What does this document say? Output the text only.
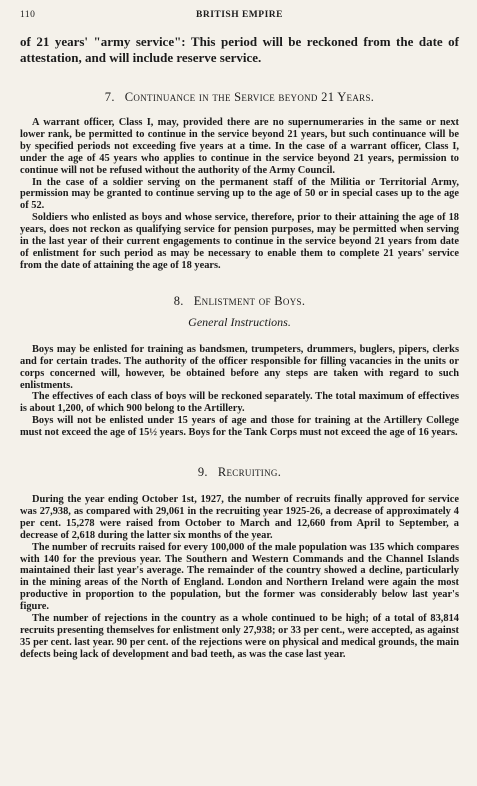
110	BRITISH EMPIRE

of 21 years' "army service": This period will be reckoned from the date of attestation, and will include reserve service.

7. Continuance in the Service beyond 21 Years.

A warrant officer, Class I, may, provided there are no supernumeraries in the same or next lower rank, be permitted to continue in the service beyond 21 years, but such continuance will be by specified periods not exceeding five years at a time. In the case of a warrant officer, Class I, under the age of 45 years who applies to continue in the service beyond 21 years, permission to continue will not be refused without the authority of the Army Council.

In the case of a soldier serving on the permanent staff of the Militia or Territorial Army, permission may be granted to continue serving up to the age of 50 or in special cases up to the age of 52.

Soldiers who enlisted as boys and whose service, therefore, prior to their attaining the age of 18 years, does not reckon as qualifying service for pension purposes, may be permitted when serving in the last year of their current engagements to continue in the service beyond 21 years from date of enlistment for such period as may be necessary to enable them to complete 21 years' service from the date of attaining the age of 18 years.

8. Enlistment of Boys.
General Instructions.

Boys may be enlisted for training as bandsmen, trumpeters, drummers, buglers, pipers, clerks and for certain trades. The authority of the officer responsible for filling vacancies in the units or corps concerned will, however, be obtained before any steps are taken with regard to such enlistments.

The effectives of each class of boys will be reckoned separately. The total maximum of effectives is about 1,200, of which 900 belong to the Artillery.

Boys will not be enlisted under 15 years of age and those for training at the Artillery College must not exceed the age of 15½ years. Boys for the Tank Corps must not exceed the age of 16 years.

9. Recruiting.

During the year ending October 1st, 1927, the number of recruits finally approved for service was 27,938, as compared with 29,061 in the recruiting year 1925-26, a decrease of approximately 4 per cent. 15,278 were raised from October to March and 12,660 from April to September, a decrease of 2,618 during the latter six months of the year.

The number of recruits raised for every 100,000 of the male population was 135 which compares with 140 for the previous year. The Southern and Western Commands and the Channel Islands maintained their last year's average. The remainder of the country showed a decline, particularly in the mining areas of the North of England. London and Northern Ireland were again the most productive in proportion to the population, but the former was considerably below last year's figure.

The number of rejections in the country as a whole continued to be high; of a total of 83,814 recruits presenting themselves for enlistment only 27,938; or 33 per cent., were accepted, as against 35 per cent. last year. 90 per cent. of the rejections were on physical and medical grounds, the main defects being lack of development and bad teeth, as was the case last year.
